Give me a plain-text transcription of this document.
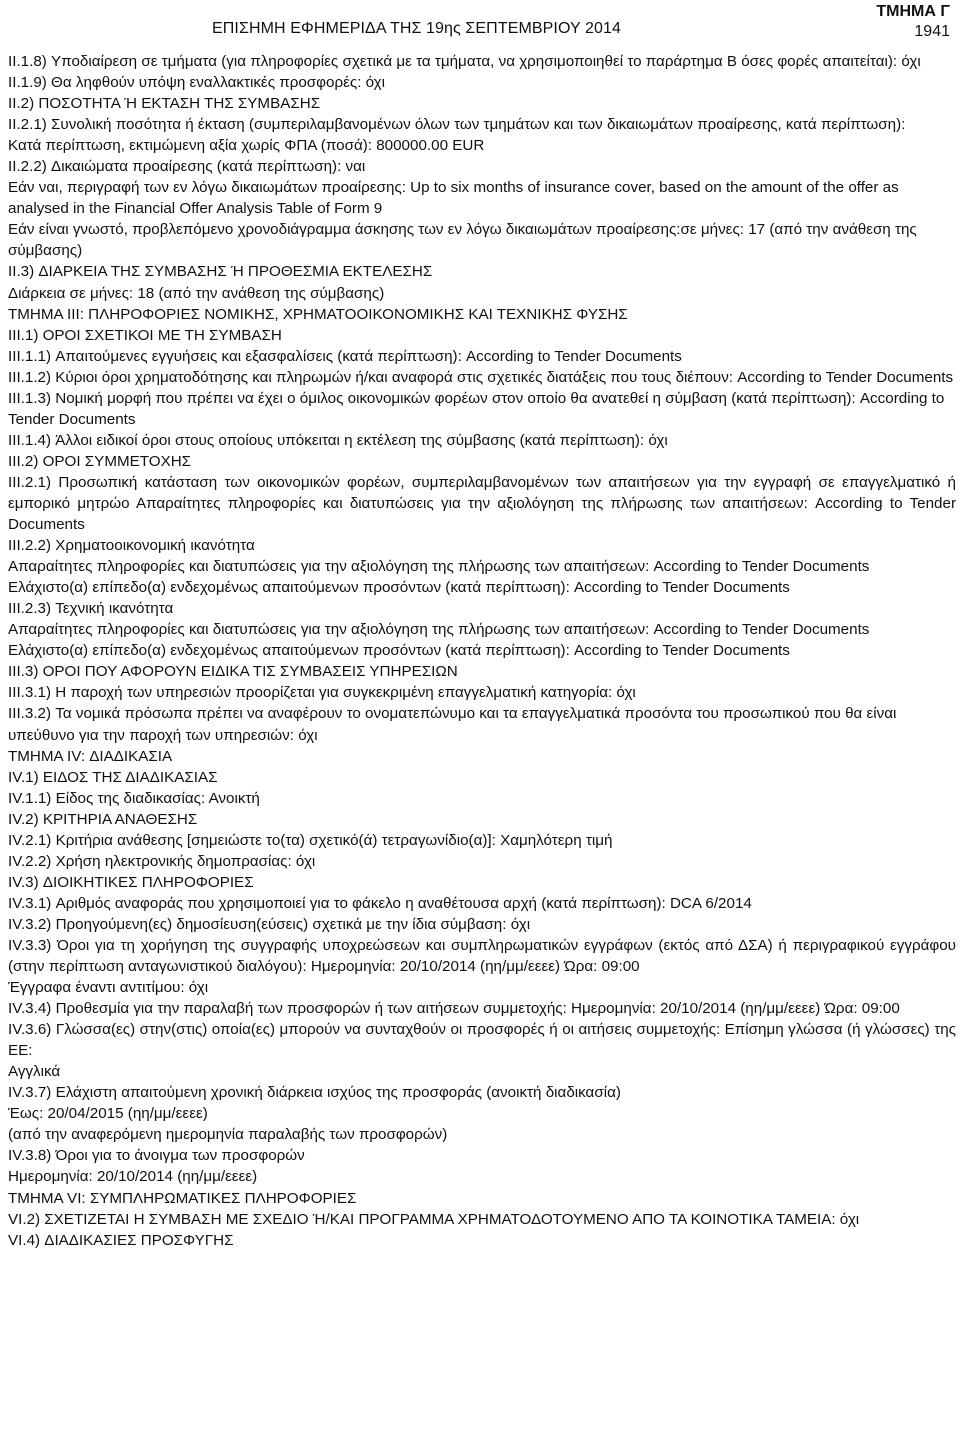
ΕΠΙΣΗΜΗ ΕΦΗΜΕΡΙΔΑ ΤΗΣ 19ης ΣΕΠΤΕΜΒΡΙΟΥ 2014
ΤΜΗΜΑ Γ
1941

II.1.8) Υποδιαίρεση σε τμήματα (για πληροφορίες σχετικά με τα τμήματα, να χρησιμοποιηθεί το παράρτημα Β όσες φορές απαιτείται): όχι

II.1.9) Θα ληφθούν υπόψη εναλλακτικές προσφορές: όχι

II.2) ΠΟΣΟΤΗΤΑ Ή ΕΚΤΑΣΗ ΤΗΣ ΣΥΜΒΑΣΗΣ

II.2.1) Συνολική ποσότητα ή έκταση (συμπεριλαμβανομένων όλων των τμημάτων και των δικαιωμάτων προαίρεσης, κατά περίπτωση):

Κατά περίπτωση, εκτιμώμενη αξία χωρίς ΦΠΑ (ποσά): 800000.00 EUR

II.2.2) Δικαιώματα προαίρεσης (κατά περίπτωση): ναι

Εάν ναι, περιγραφή των εν λόγω δικαιωμάτων προαίρεσης: Up to six months of insurance cover, based on the amount of the offer as analysed in the Financial Offer Analysis Table of Form 9

Εάν είναι γνωστό, προβλεπόμενο χρονοδιάγραμμα άσκησης των εν λόγω δικαιωμάτων προαίρεσης:σε μήνες: 17 (από την ανάθεση της σύμβασης)

II.3) ΔΙΑΡΚΕΙΑ ΤΗΣ ΣΥΜΒΑΣΗΣ Ή ΠΡΟΘΕΣΜΙΑ ΕΚΤΕΛΕΣΗΣ

Διάρκεια σε μήνες: 18 (από την ανάθεση της σύμβασης)

ΤΜΗΜΑ III: ΠΛΗΡΟΦΟΡΙΕΣ ΝΟΜΙΚΗΣ, ΧΡΗΜΑΤΟΟΙΚΟΝΟΜΙΚΗΣ ΚΑΙ ΤΕΧΝΙΚΗΣ ΦΥΣΗΣ

III.1) ΟΡΟΙ ΣΧΕΤΙΚΟΙ ΜΕ ΤΗ ΣΥΜΒΑΣΗ

III.1.1) Απαιτούμενες εγγυήσεις και εξασφαλίσεις (κατά περίπτωση): According to Tender Documents

III.1.2) Κύριοι όροι χρηματοδότησης και πληρωμών ή/και αναφορά στις σχετικές διατάξεις που τους διέπουν: According to Tender Documents

III.1.3) Νομική μορφή που πρέπει να έχει ο όμιλος οικονομικών φορέων στον οποίο θα ανατεθεί η σύμβαση (κατά περίπτωση): According to Tender Documents

III.1.4) Άλλοι ειδικοί όροι στους οποίους υπόκειται η εκτέλεση της σύμβασης (κατά περίπτωση): όχι

III.2) ΟΡΟΙ ΣΥΜΜΕΤΟΧΗΣ

III.2.1) Προσωπική κατάσταση των οικονομικών φορέων, συμπεριλαμβανομένων των απαιτήσεων για την εγγραφή σε επαγγελματικό ή εμπορικό μητρώο Απαραίτητες πληροφορίες και διατυπώσεις για την αξιολόγηση της πλήρωσης των απαιτήσεων: According to Tender Documents

III.2.2) Χρηματοοικονομική ικανότητα

Απαραίτητες πληροφορίες και διατυπώσεις για την αξιολόγηση της πλήρωσης των απαιτήσεων: According to Tender Documents

Ελάχιστο(α) επίπεδο(α) ενδεχομένως απαιτούμενων προσόντων (κατά περίπτωση): According to Tender Documents

III.2.3) Τεχνική ικανότητα

Απαραίτητες πληροφορίες και διατυπώσεις για την αξιολόγηση της πλήρωσης των απαιτήσεων: According to Tender Documents

Ελάχιστο(α) επίπεδο(α) ενδεχομένως απαιτούμενων προσόντων (κατά περίπτωση): According to Tender Documents

III.3) ΟΡΟΙ ΠΟΥ ΑΦΟΡΟΥΝ ΕΙΔΙΚΑ ΤΙΣ ΣΥΜΒΑΣΕΙΣ ΥΠΗΡΕΣΙΩΝ

III.3.1) Η παροχή των υπηρεσιών προορίζεται για συγκεκριμένη επαγγελματική κατηγορία: όχι

III.3.2) Τα νομικά πρόσωπα πρέπει να αναφέρουν το ονοματεπώνυμο και τα επαγγελματικά προσόντα του προσωπικού που θα είναι υπεύθυνο για την παροχή των υπηρεσιών: όχι

ΤΜΗΜΑ IV: ΔΙΑΔΙΚΑΣΙΑ

IV.1) ΕΙΔΟΣ ΤΗΣ ΔΙΑΔΙΚΑΣΙΑΣ

IV.1.1) Είδος της διαδικασίας: Ανοικτή

IV.2) ΚΡΙΤΗΡΙΑ ΑΝΑΘΕΣΗΣ

IV.2.1) Κριτήρια ανάθεσης [σημειώστε το(τα) σχετικό(ά) τετραγωνίδιο(α)]: Χαμηλότερη τιμή

IV.2.2) Χρήση ηλεκτρονικής δημοπρασίας: όχι

IV.3) ΔΙΟΙΚΗΤΙΚΕΣ ΠΛΗΡΟΦΟΡΙΕΣ

IV.3.1) Αριθμός αναφοράς που χρησιμοποιεί για το φάκελο η αναθέτουσα αρχή (κατά περίπτωση): DCA 6/2014

IV.3.2) Προηγούμενη(ες) δημοσίευση(εύσεις) σχετικά με την ίδια σύμβαση: όχι

IV.3.3) Όροι για τη χορήγηση της συγγραφής υποχρεώσεων και συμπληρωματικών εγγράφων (εκτός από ΔΣΑ) ή περιγραφικού εγγράφου (στην περίπτωση ανταγωνιστικού διαλόγου): Ημερομηνία: 20/10/2014 (ηη/μμ/εεεε) Ώρα: 09:00

Έγγραφα έναντι αντιτίμου: όχι

IV.3.4) Προθεσμία για την παραλαβή των προσφορών ή των αιτήσεων συμμετοχής: Ημερομηνία: 20/10/2014 (ηη/μμ/εεεε) Ώρα: 09:00

IV.3.6) Γλώσσα(ες) στην(στις) οποία(ες) μπορούν να συνταχθούν οι προσφορές ή οι αιτήσεις συμμετοχής: Επίσημη γλώσσα (ή γλώσσες) της ΕΕ:

Αγγλικά

IV.3.7) Ελάχιστη απαιτούμενη χρονική διάρκεια ισχύος της προσφοράς (ανοικτή διαδικασία)

Έως: 20/04/2015 (ηη/μμ/εεεε)

(από την αναφερόμενη ημερομηνία παραλαβής των προσφορών)

IV.3.8) Όροι για το άνοιγμα των προσφορών

Ημερομηνία: 20/10/2014 (ηη/μμ/εεεε)

ΤΜΗΜΑ VI: ΣΥΜΠΛΗΡΩΜΑΤΙΚΕΣ ΠΛΗΡΟΦΟΡΙΕΣ

VI.2) ΣΧΕΤΙΖΕΤΑΙ Η ΣΥΜΒΑΣΗ ΜΕ ΣΧΕΔΙΟ Ή/ΚΑΙ ΠΡΟΓΡΑΜΜΑ ΧΡΗΜΑΤΟΔΟΤΟΥΜΕΝΟ ΑΠΟ ΤΑ ΚΟΙΝΟΤΙΚΑ ΤΑΜΕΙΑ: όχι

VI.4) ΔΙΑΔΙΚΑΣΙΕΣ ΠΡΟΣΦΥΓΗΣ
